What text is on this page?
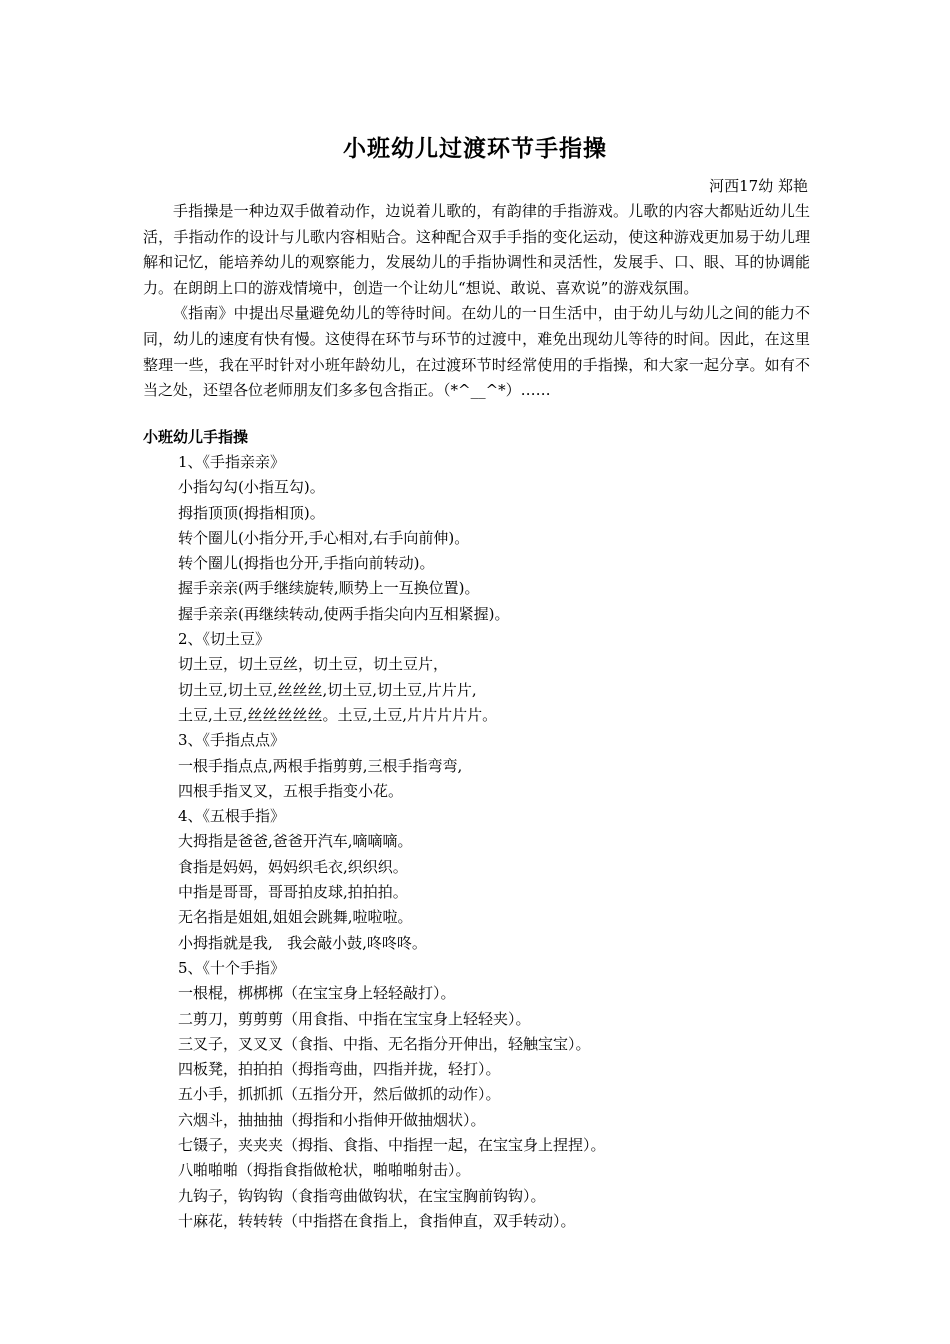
小班幼儿过渡环节手指操
河西17幼 郑艳

手指操是一种边双手做着动作，边说着儿歌的，有韵律的手指游戏。儿歌的内容大都贴近幼儿生活，手指动作的设计与儿歌内容相贴合。这种配合双手手指的变化运动，使这种游戏更加易于幼儿理解和记忆，能培养幼儿的观察能力，发展幼儿的手指协调性和灵活性，发展手、口、眼、耳的协调能力。在朗朗上口的游戏情境中，创造一个让幼儿“想说、敢说、喜欢说”的游戏氛围。

《指南》中提出尽量避免幼儿的等待时间。在幼儿的一日生活中，由于幼儿与幼儿之间的能力不同，幼儿的速度有快有慢。这使得在环节与环节的过渡中，难免出现幼儿等待的时间。因此，在这里整理一些，我在平时针对小班年龄幼儿，在过渡环节时经常使用的手指操，和大家一起分享。如有不当之处，还望各位老师朋友们多多包含指正。（*^__^*）……

小班幼儿手指操
1、《手指亲亲》
小指勾勾(小指互勾)。
拇指顶顶(拇指相顶)。
转个圈儿(小指分开,手心相对,右手向前伸)。
转个圈儿(拇指也分开,手指向前转动)。
握手亲亲(两手继续旋转,顺势上一互换位置)。
握手亲亲(再继续转动,使两手指尖向内互相紧握)。
2、《切土豆》
切土豆，切土豆丝，切土豆，切土豆片，
切土豆,切土豆,丝丝丝,切土豆,切土豆,片片片,
土豆,土豆,丝丝丝丝丝。土豆,土豆,片片片片片。
3、《手指点点》
一根手指点点,两根手指剪剪,三根手指弯弯,
四根手指叉叉，五根手指变小花。
4、《五根手指》
大拇指是爸爸,爸爸开汽车,嘀嘀嘀。
食指是妈妈，妈妈织毛衣,织织织。
中指是哥哥，哥哥拍皮球,拍拍拍。
无名指是姐姐,姐姐会跳舞,啦啦啦。
小拇指就是我,   我会敲小鼓,咚咚咚。
5、《十个手指》
一根棍，梆梆梆（在宝宝身上轻轻敲打）。
二剪刀，剪剪剪（用食指、中指在宝宝身上轻轻夹）。
三叉子，叉叉叉（食指、中指、无名指分开伸出，轻触宝宝）。
四板凳，拍拍拍（拇指弯曲，四指并拢，轻打）。
五小手，抓抓抓（五指分开，然后做抓的动作）。
六烟斗，抽抽抽（拇指和小指伸开做抽烟状）。
七镊子，夹夹夹（拇指、食指、中指捏一起，在宝宝身上捏捏）。
八啪啪啪（拇指食指做枪状，啪啪啪射击）。
九钩子，钩钩钩（食指弯曲做钩状，在宝宝胸前钩钩）。
十麻花，转转转（中指搭在食指上，食指伸直，双手转动）。
